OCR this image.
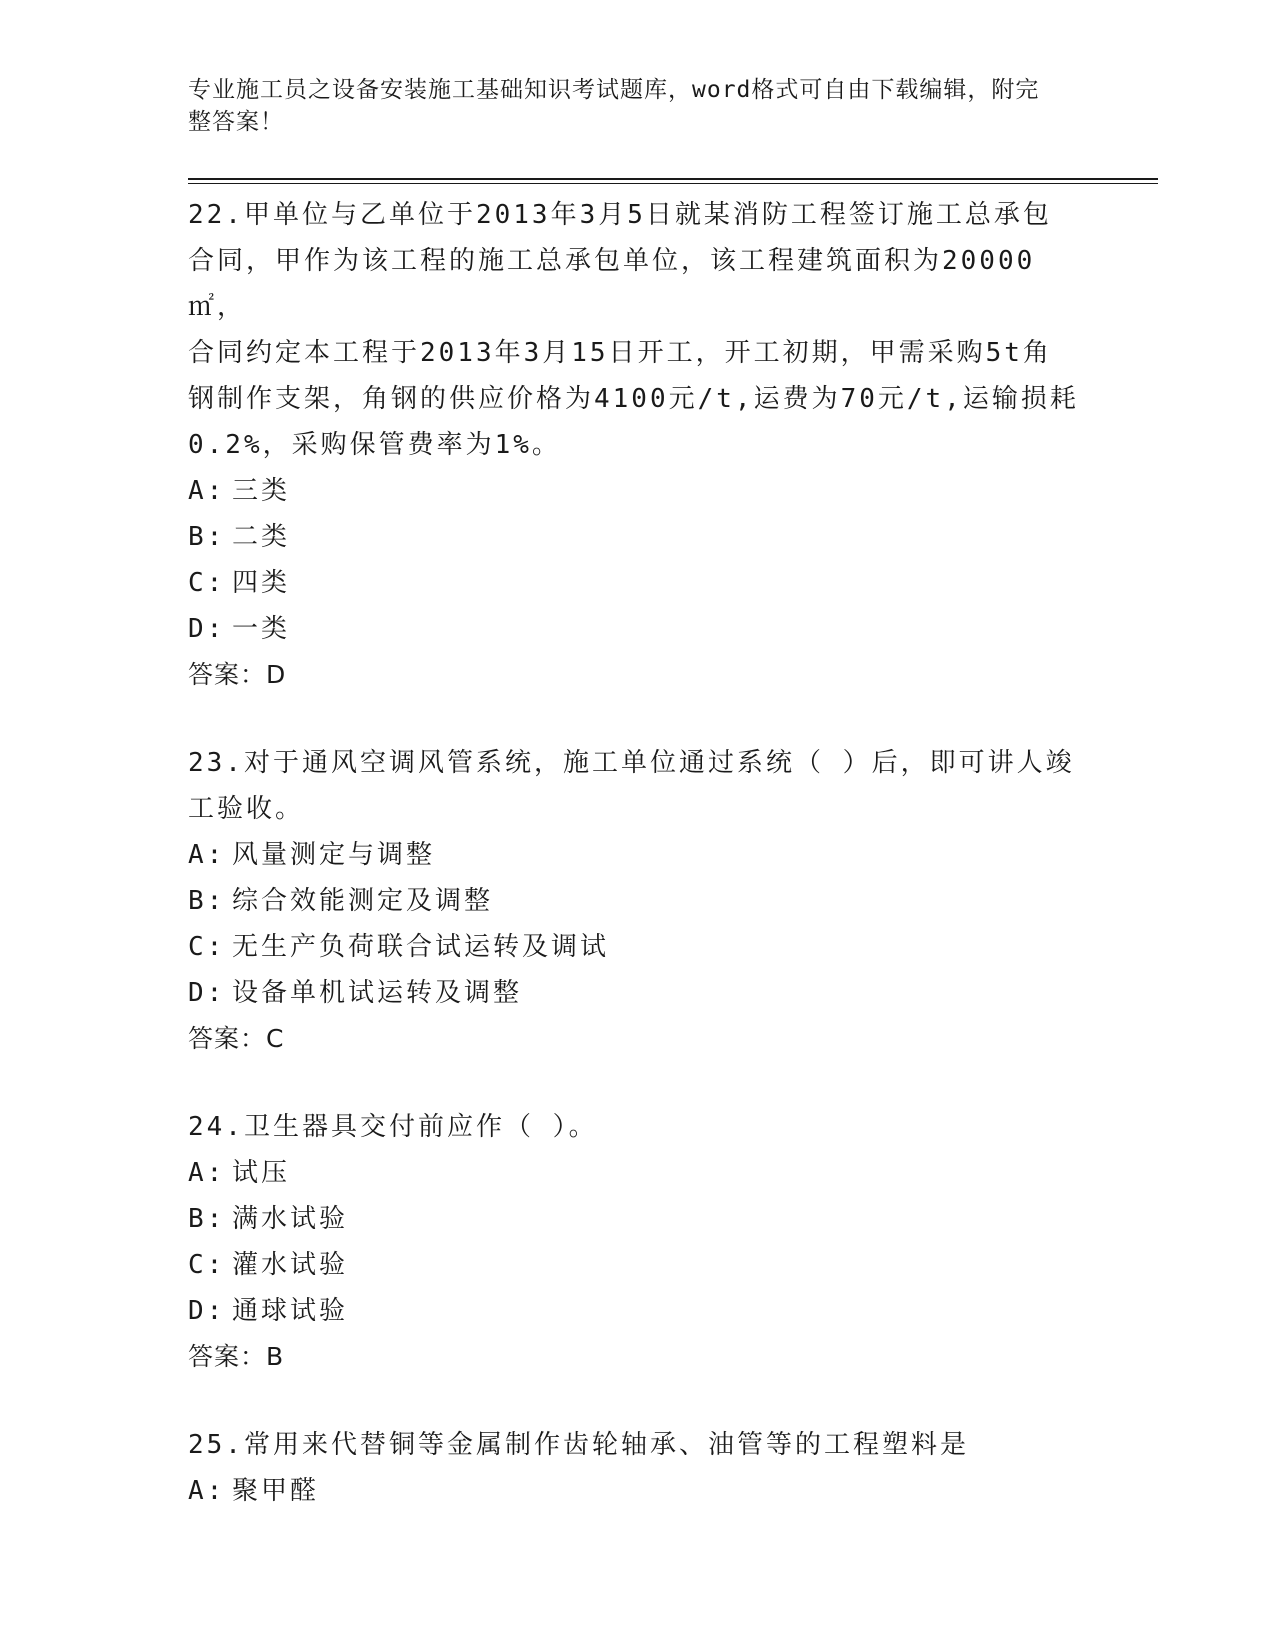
专业施工员之设备安装施工基础知识考试题库，word格式可自由下载编辑，附完
整答案！
22.甲单位与乙单位于2013年3月5日就某消防工程签订施工总承包
合同，甲作为该工程的施工总承包单位，该工程建筑面积为20000㎡，
合同约定本工程于2013年3月15日开工，开工初期，甲需采购5t角
钢制作支架，角钢的供应价格为4100元/t,运费为70元/t,运输损耗
0.2%，采购保管费率为1%。
A: 三类
B: 二类
C: 四类
D: 一类
答案：D
23.对于通风空调风管系统，施工单位通过系统（ ）后，即可讲人竣
工验收。
A: 风量测定与调整
B: 综合效能测定及调整
C: 无生产负荷联合试运转及调试
D: 设备单机试运转及调整
答案：C
24.卫生器具交付前应作（ ）。
A: 试压
B: 满水试验
C: 灌水试验
D: 通球试验
答案：B
25.常用来代替铜等金属制作齿轮轴承、油管等的工程塑料是
A: 聚甲醛
